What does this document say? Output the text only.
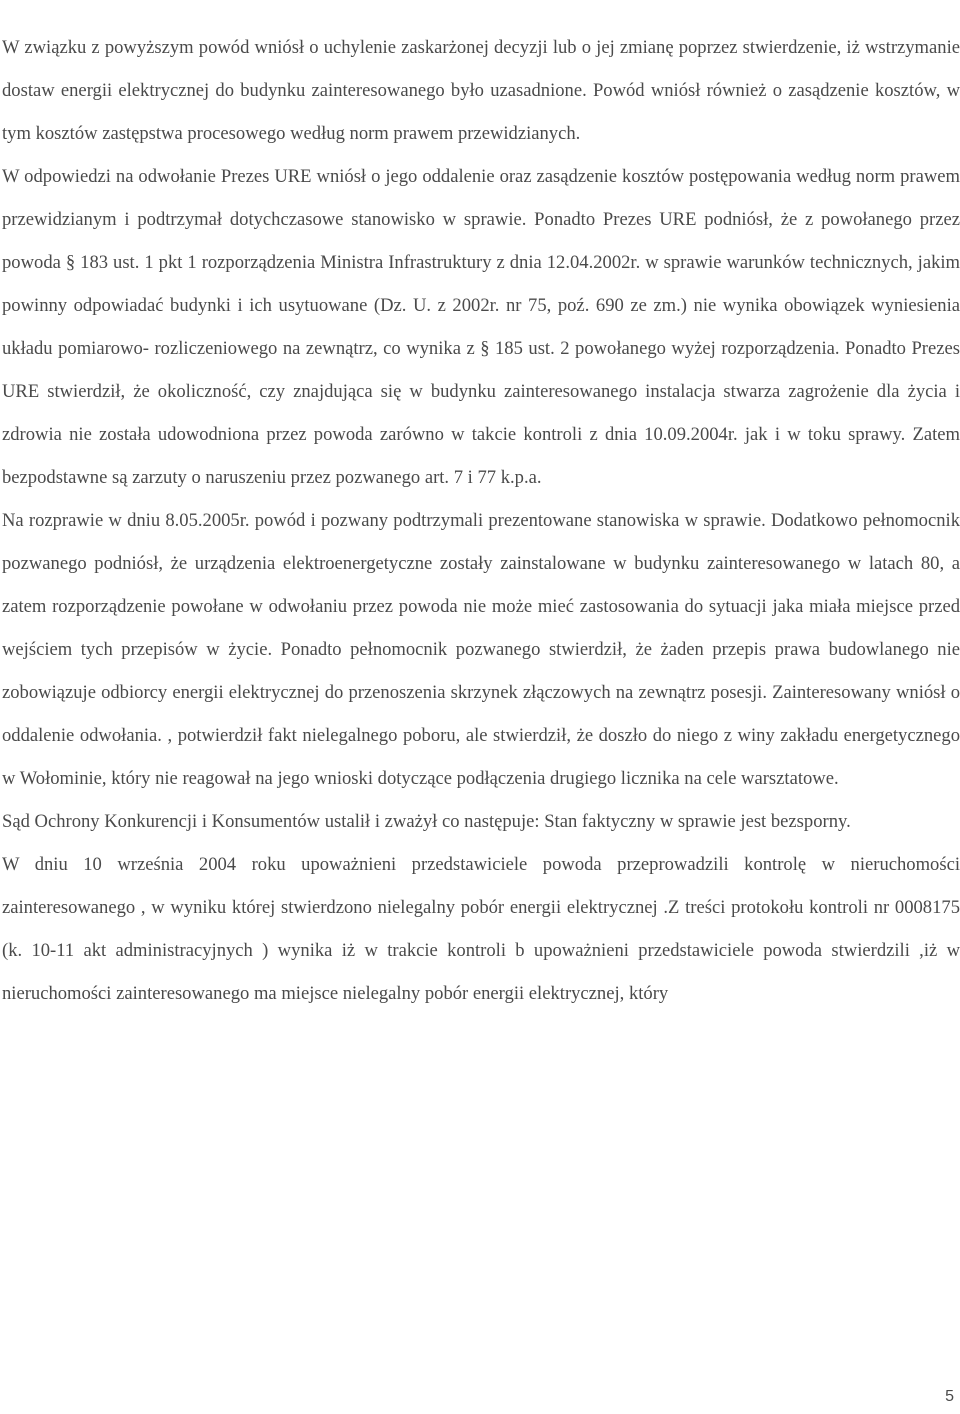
W związku z powyższym powód wniósł o uchylenie zaskarżonej decyzji lub o jej zmianę poprzez stwierdzenie, iż wstrzymanie dostaw energii elektrycznej do budynku zainteresowanego było uzasadnione. Powód wniósł również o zasądzenie kosztów, w tym kosztów zastępstwa procesowego według norm prawem przewidzianych.

W odpowiedzi na odwołanie Prezes URE wniósł o jego oddalenie oraz zasądzenie kosztów postępowania według norm prawem przewidzianym i podtrzymał dotychczasowe stanowisko w sprawie. Ponadto Prezes URE podniósł, że z powołanego przez powoda § 183 ust. 1 pkt 1 rozporządzenia Ministra Infrastruktury z dnia 12.04.2002r. w sprawie warunków technicznych, jakim powinny odpowiadać budynki i ich usytuowane (Dz. U. z 2002r. nr 75, poź. 690 ze zm.) nie wynika obowiązek wyniesienia układu pomiarowo- rozliczeniowego na zewnątrz, co wynika z § 185 ust. 2 powołanego wyżej rozporządzenia. Ponadto Prezes URE stwierdził, że okoliczność, czy znajdująca się w budynku zainteresowanego instalacja stwarza zagrożenie dla życia i zdrowia nie została udowodniona przez powoda zarówno w takcie kontroli z dnia 10.09.2004r. jak i w toku sprawy. Zatem bezpodstawne są zarzuty o naruszeniu przez pozwanego art. 7 i 77 k.p.a.

Na rozprawie w dniu 8.05.2005r. powód i pozwany podtrzymali prezentowane stanowiska w sprawie. Dodatkowo pełnomocnik pozwanego podniósł, że urządzenia elektroenergetyczne zostały zainstalowane w budynku zainteresowanego w latach 80, a zatem rozporządzenie powołane w odwołaniu przez powoda nie może mieć zastosowania do sytuacji jaka miała miejsce przed wejściem tych przepisów w życie. Ponadto pełnomocnik pozwanego stwierdził, że żaden przepis prawa budowlanego nie zobowiązuje odbiorcy energii elektrycznej do przenoszenia skrzynek złączowych na zewnątrz posesji. Zainteresowany wniósł o oddalenie odwołania. , potwierdził fakt nielegalnego poboru, ale stwierdził, że doszło do niego z winy zakładu energetycznego w Wołominie, który nie reagował na jego wnioski dotyczące podłączenia drugiego licznika na cele warsztatowe.

Sąd Ochrony Konkurencji i Konsumentów ustalił i zważył co następuje: Stan faktyczny w sprawie jest bezsporny.

W dniu 10 września 2004 roku upoważnieni przedstawiciele powoda przeprowadzili kontrolę w nieruchomości zainteresowanego , w wyniku której stwierdzono nielegalny pobór energii elektrycznej .Z treści protokołu kontroli nr 0008175 (k. 10-11 akt administracyjnych ) wynika iż w trakcie kontroli b upoważnieni przedstawiciele powoda stwierdzili ,iż w nieruchomości zainteresowanego ma miejsce nielegalny pobór energii elektrycznej, który

5
